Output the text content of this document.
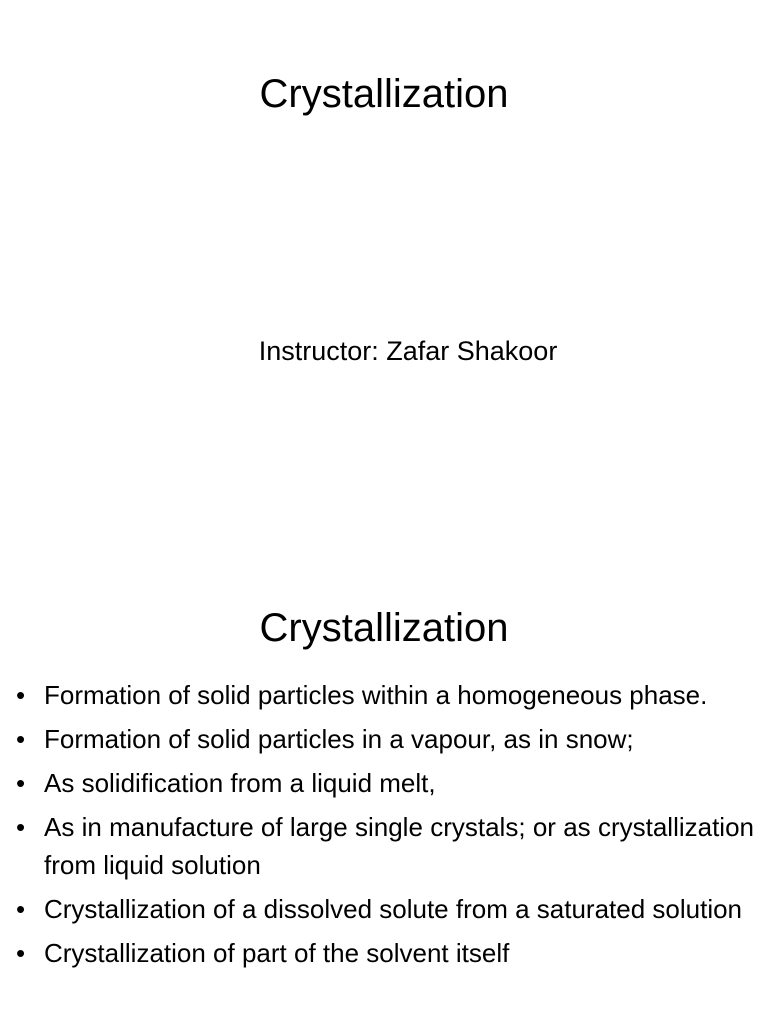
Crystallization

Instructor: Zafar Shakoor

Crystallization
• Formation of solid particles within a homogeneous phase.
• Formation of solid particles in a vapour, as in snow;
• As solidification from a liquid melt,
• As in manufacture of large single crystals; or as crystallization from liquid solution
• Crystallization of a dissolved solute from a saturated solution
• Crystallization of part of the solvent itself
